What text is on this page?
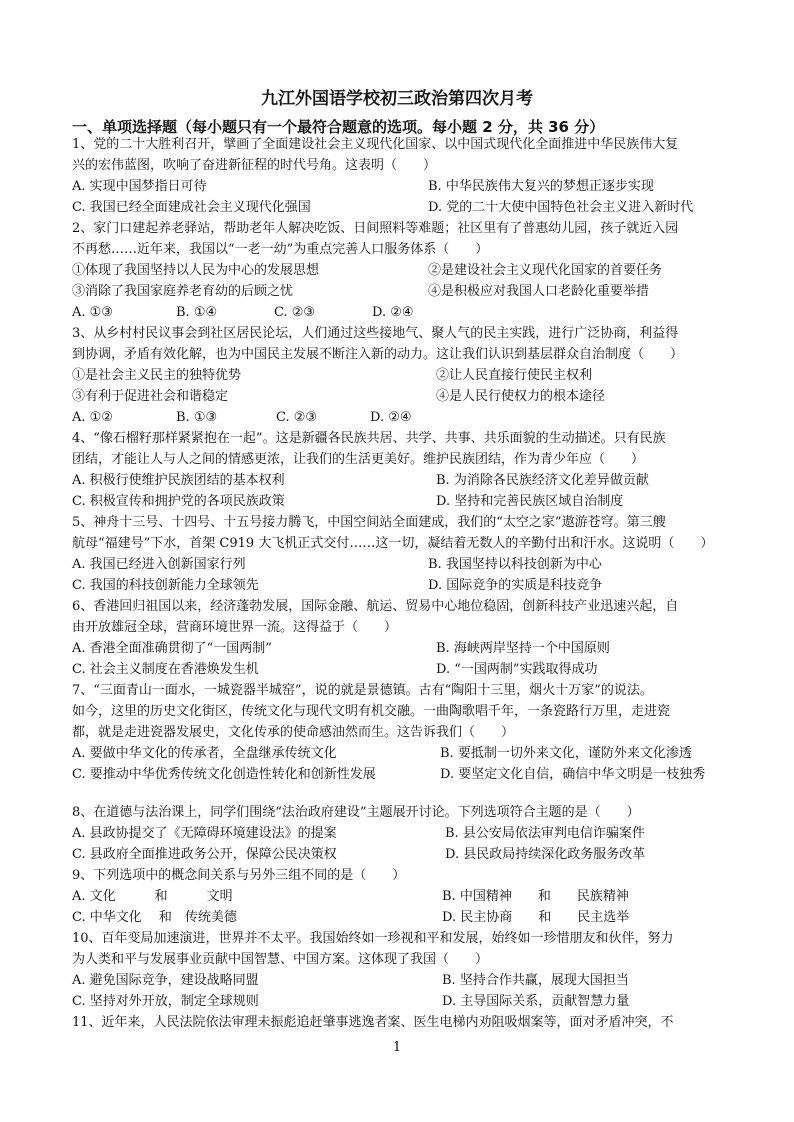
九江外国语学校初三政治第四次月考
一、单项选择题（每小题只有一个最符合题意的选项。每小题 2 分，共 36 分）
1、党的二十大胜利召开，擘画了全面建设社会主义现代化国家、以中国式现代化全面推进中华民族伟大复
兴的宏伟蓝图，吹响了奋进新征程的时代号角。这表明（　　）
A. 实现中国梦指日可待	B. 中华民族伟大复兴的梦想正逐步实现
C. 我国已经全面建成社会主义现代化强国	D. 党的二十大使中国特色社会主义进入新时代
2、家门口建起养老驿站，帮助老年人解决吃饭、日间照料等难题；社区里有了普惠幼儿园，孩子就近入园
不再愁……近年来，我国以“一老一幼”为重点完善人口服务体系（　　）
①体现了我国坚持以人民为中心的发展思想	②是建设社会主义现代化国家的首要任务
③消除了我国家庭养老育幼的后顾之忧	④是积极应对我国人口老龄化重要举措
A. ①③	B. ①④	C. ②③	D. ②④
3、从乡村村民议事会到社区居民论坛，人们通过这些接地气、聚人气的民主实践，进行广泛协商，利益得
到协调，矛盾有效化解，也为中国民主发展不断注入新的动力。这让我们认识到基层群众自治制度（　　）
①是社会主义民主的独特优势	②让人民直接行使民主权利
③有利于促进社会和谐稳定	④是人民行使权力的根本途径
A. ①②	B. ①③	C. ②③	D. ②④
4、“像石榴籽那样紧紧抱在一起”。这是新疆各民族共居、共学、共事、共乐面貌的生动描述。只有民族
团结，才能让人与人之间的情感更浓，让我们的生活更美好。维护民族团结，作为青少年应（　　）
A. 积极行使维护民族团结的基本权利	B. 为消除各民族经济文化差异做贡献
C. 积极宣传和拥护党的各项民族政策	D. 坚持和完善民族区域自治制度
5、神舟十三号、十四号、十五号接力腾飞，中国空间站全面建成，我们的“太空之家”遨游苍穹。第三艘
航母“福建号”下水，首架 C919 大飞机正式交付……这一切，凝结着无数人的辛勤付出和汗水。这说明（　　）
A. 我国已经进入创新国家行列	B. 我国坚持以科技创新为中心
C. 我国的科技创新能力全球领先	D. 国际竞争的实质是科技竞争
6、香港回归祖国以来，经济蓬勃发展，国际金融、航运、贸易中心地位稳固，创新科技产业迅速兴起，自
由开放雄冠全球，营商环境世界一流。这得益于（　　）
A. 香港全面准确贯彻了“一国两制”	B. 海峡两岸坚持一个中国原则
C. 社会主义制度在香港焕发生机	D. “一国两制”实践取得成功
7、“三面青山一面水，一城瓷器半城窑”，说的就是景德镇。古有“陶阳十三里，烟火十万家”的说法。
如今，这里的历史文化街区，传统文化与现代文明有机交融。一曲陶歌唱千年，一条瓷路行万里，走进瓷
都，就是走进瓷器发展史，文化传承的使命感油然而生。这告诉我们（　　）
A. 要做中华文化的传承者，全盘继承传统文化	B. 要抵制一切外来文化，谨防外来文化渗透
C. 要推动中华优秀传统文化创造性转化和创新性发展	D. 要坚定文化自信，确信中华文明是一枝独秀
8、在道德与法治课上，同学们围绕“法治政府建设”主题展开讨论。下列选项符合主题的是（　　）
A. 县政协提交了《无障碍环境建设法》的提案	B. 县公安局依法审判电信诈骗案件
C. 县政府全面推进政务公开，保障公民决策权	D. 县民政局持续深化政务服务改革
9、下列选项中的概念间关系与另外三组不同的是（　　）
A. 文化　　　和　　　文明	B. 中国精神　　和　　民族精神
C. 中华文化　 和　传统美德	D. 民主协商　　和　　民主选举
10、百年变局加速演进，世界并不太平。我国始终如一珍视和平和发展，始终如一珍惜朋友和伙伴，努力
为人类和平与发展事业贡献中国智慧、中国方案。这体现了我国（　　）
A. 避免国际竞争，建设战略同盟	B. 坚持合作共赢，展现大国担当
C. 坚持对外开放，制定全球规则	D. 主导国际关系，贡献智慧力量
11、近年来，人民法院依法审理未振彪追赶肇事逃逸者案、医生电梯内劝阻吸烟案等，面对矛盾冲突，不
1
